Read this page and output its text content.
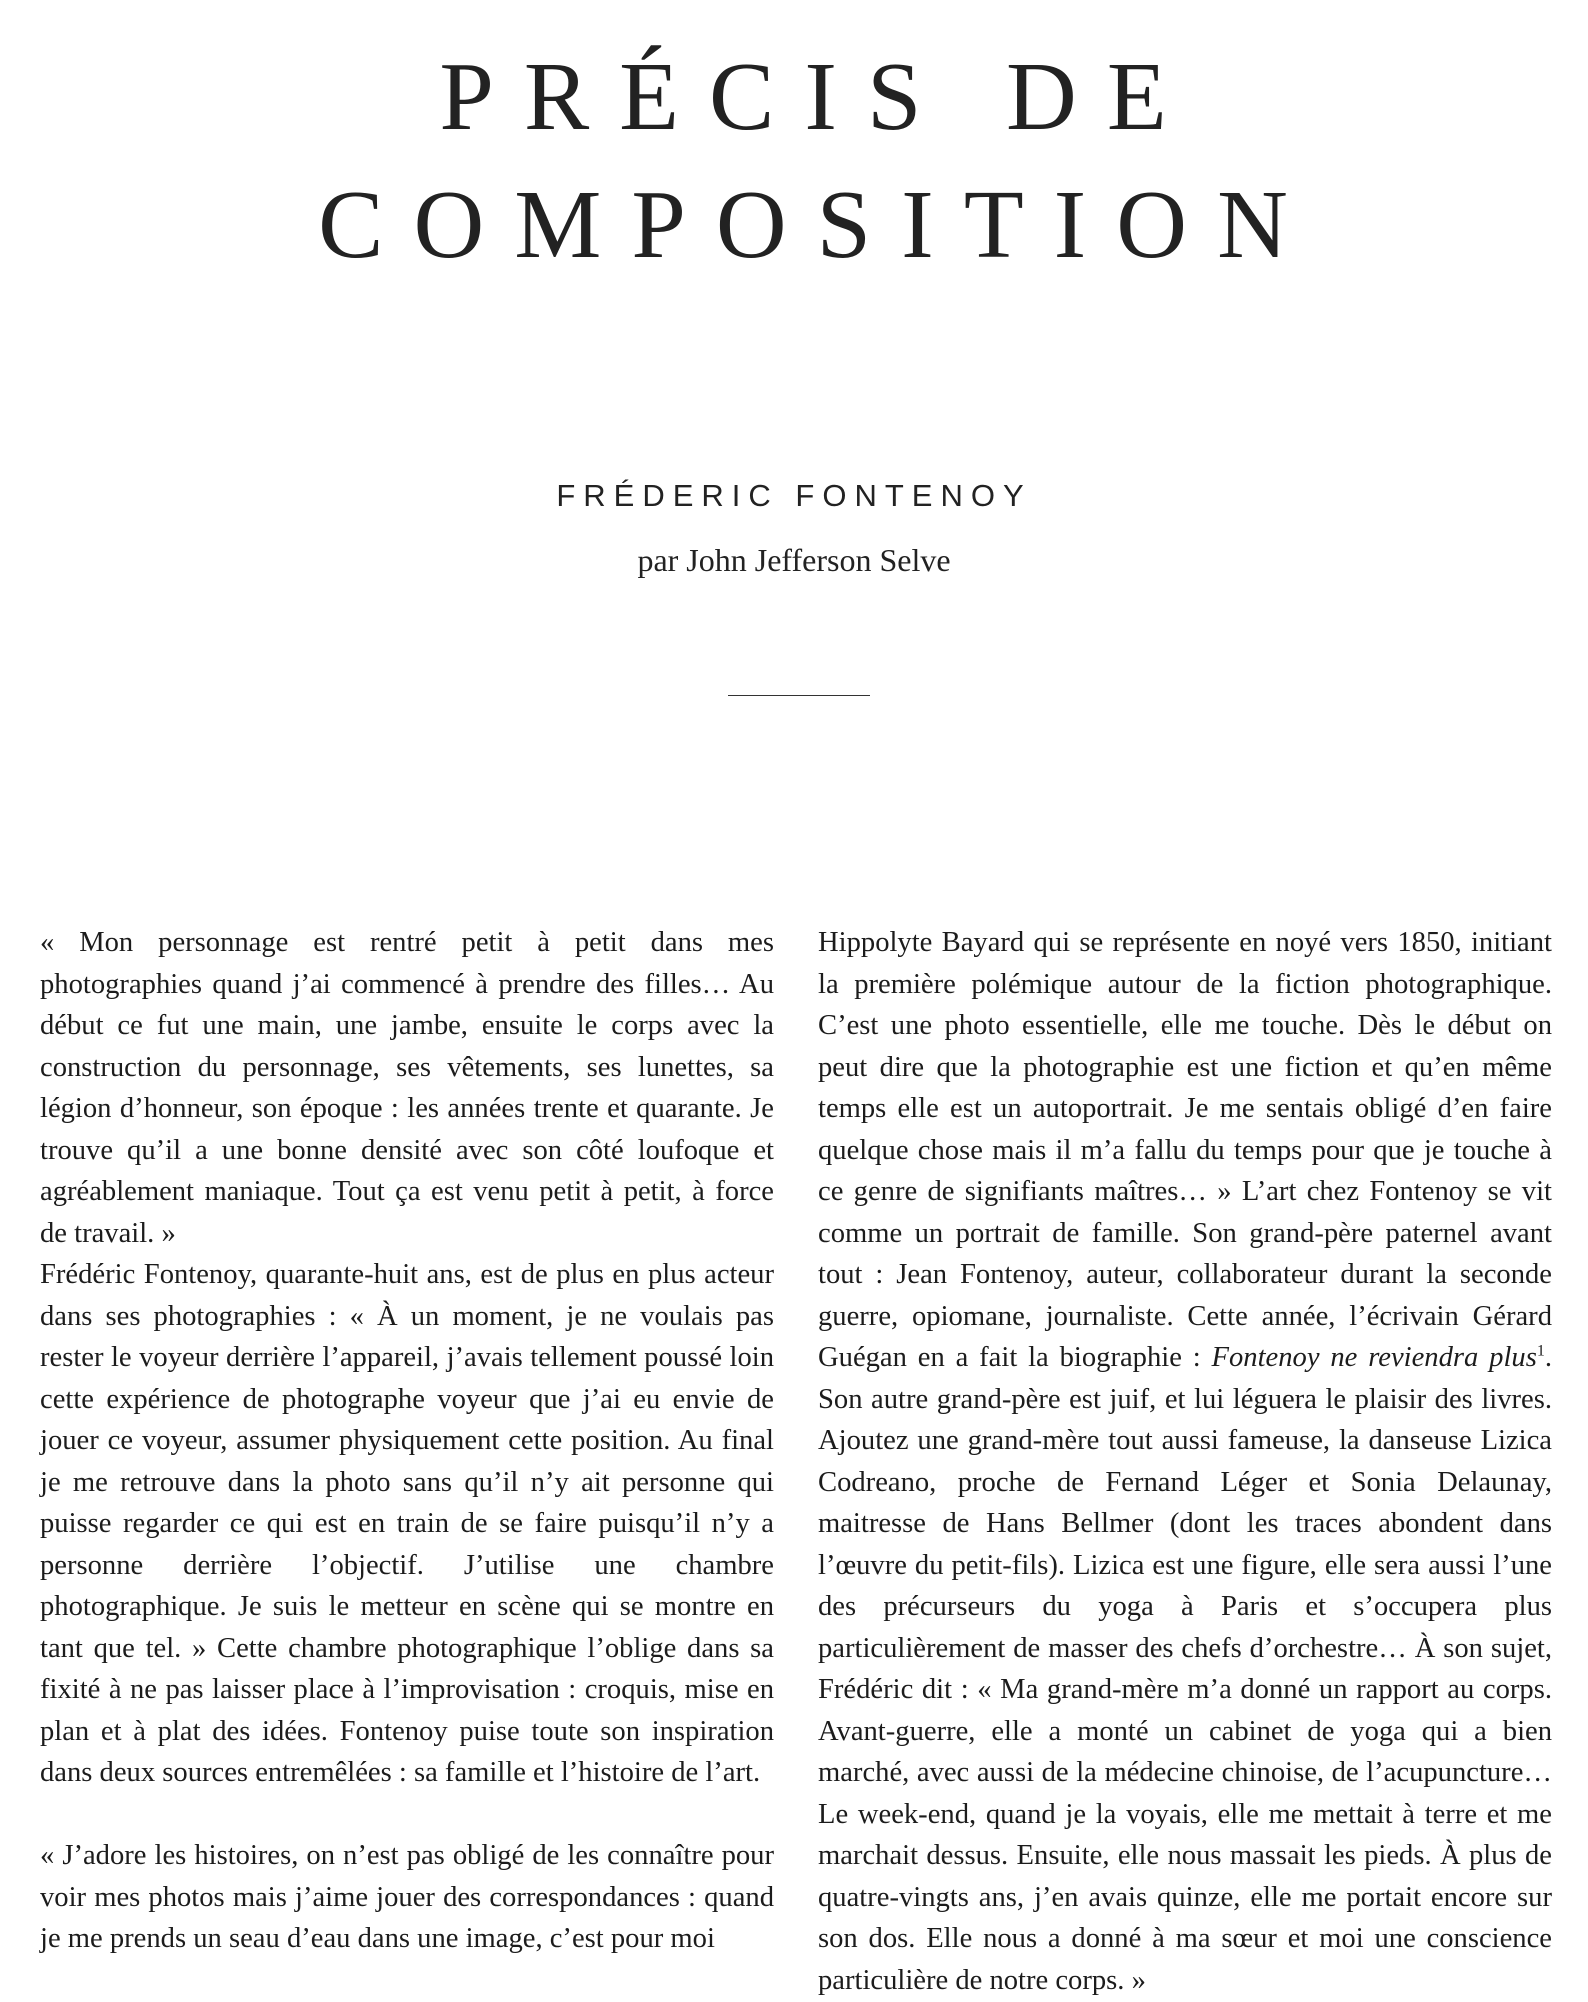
PRÉCIS DE
COMPOSITION
FRÉDERIC FONTENOY
par John Jefferson Selve

« Mon personnage est rentré petit à petit dans mes photographies quand j’ai commencé à prendre des filles… Au début ce fut une main, une jambe, ensuite le corps avec la construction du personnage, ses vêtements, ses lunettes, sa légion d’honneur, son époque : les années trente et quarante. Je trouve qu’il a une bonne densité avec son côté loufoque et agréablement maniaque. Tout ça est venu petit à petit, à force de travail. »

Frédéric Fontenoy, quarante-huit ans, est de plus en plus acteur dans ses photographies : « À un moment, je ne voulais pas rester le voyeur derrière l’appareil, j’avais tellement poussé loin cette expérience de photographe voyeur que j’ai eu envie de jouer ce voyeur, assumer physiquement cette position. Au final je me retrouve dans la photo sans qu’il n’y ait personne qui puisse regarder ce qui est en train de se faire puisqu’il n’y a personne derrière l’objectif. J’utilise une chambre photographique. Je suis le metteur en scène qui se montre en tant que tel. » Cette chambre photographique l’oblige dans sa fixité à ne pas laisser place à l’improvisation : croquis, mise en plan et à plat des idées. Fontenoy puise toute son inspiration dans deux sources entremêlées : sa famille et l’histoire de l’art.

« J’adore les histoires, on n’est pas obligé de les connaître pour voir mes photos mais j’aime jouer des correspondances : quand je me prends un seau d’eau dans une image, c’est pour moi

Hippolyte Bayard qui se représente en noyé vers 1850, initiant la première polémique autour de la fiction photographique. C’est une photo essentielle, elle me touche. Dès le début on peut dire que la photographie est une fiction et qu’en même temps elle est un autoportrait. Je me sentais obligé d’en faire quelque chose mais il m’a fallu du temps pour que je touche à ce genre de signifiants maîtres… » L’art chez Fontenoy se vit comme un portrait de famille. Son grand-père paternel avant tout : Jean Fontenoy, auteur, collaborateur durant la seconde guerre, opiomane, journaliste. Cette année, l’écrivain Gérard Guégan en a fait la biographie : Fontenoy ne reviendra plus$^1$. Son autre grand-père est juif, et lui léguera le plaisir des livres. Ajoutez une grand-mère tout aussi fameuse, la danseuse Lizica Codreano, proche de Fernand Léger et Sonia Delaunay, maitresse de Hans Bellmer (dont les traces abondent dans l’œuvre du petit-fils). Lizica est une figure, elle sera aussi l’une des précurseurs du yoga à Paris et s’occupera plus particulièrement de masser des chefs d’orchestre… À son sujet, Frédéric dit : « Ma grand-mère m’a donné un rapport au corps. Avant-guerre, elle a monté un cabinet de yoga qui a bien marché, avec aussi de la médecine chinoise, de l’acupuncture… Le week-end, quand je la voyais, elle me mettait à terre et me marchait dessus. Ensuite, elle nous massait les pieds. À plus de quatre-vingts ans, j’en avais quinze, elle me portait encore sur son dos. Elle nous a donné à ma sœur et moi une conscience particulière de notre corps. »
